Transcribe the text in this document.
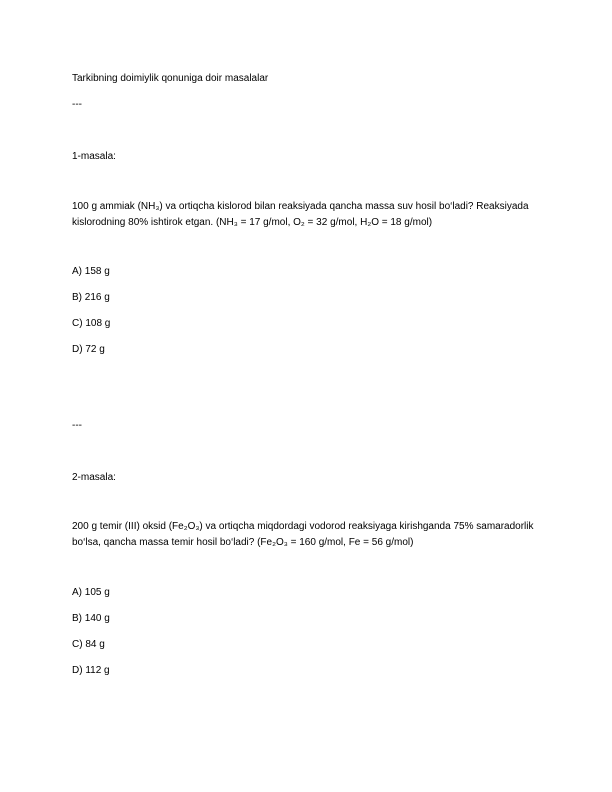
Tarkibning doimiylik qonuniga doir masalalar
---
1-masala:
100 g ammiak (NH₃) va ortiqcha kislorod bilan reaksiyada qancha massa suv hosil bo‘ladi? Reaksiyada kislorodning 80% ishtirok etgan. (NH₃ = 17 g/mol, O₂ = 32 g/mol, H₂O = 18 g/mol)
A) 158 g
B) 216 g
C) 108 g
D) 72 g
---
2-masala:
200 g temir (III) oksid (Fe₂O₃) va ortiqcha miqdordagi vodorod reaksiyaga kirishganda 75% samaradorlik bo‘lsa, qancha massa temir hosil bo‘ladi? (Fe₂O₃ = 160 g/mol, Fe = 56 g/mol)
A) 105 g
B) 140 g
C) 84 g
D) 112 g
